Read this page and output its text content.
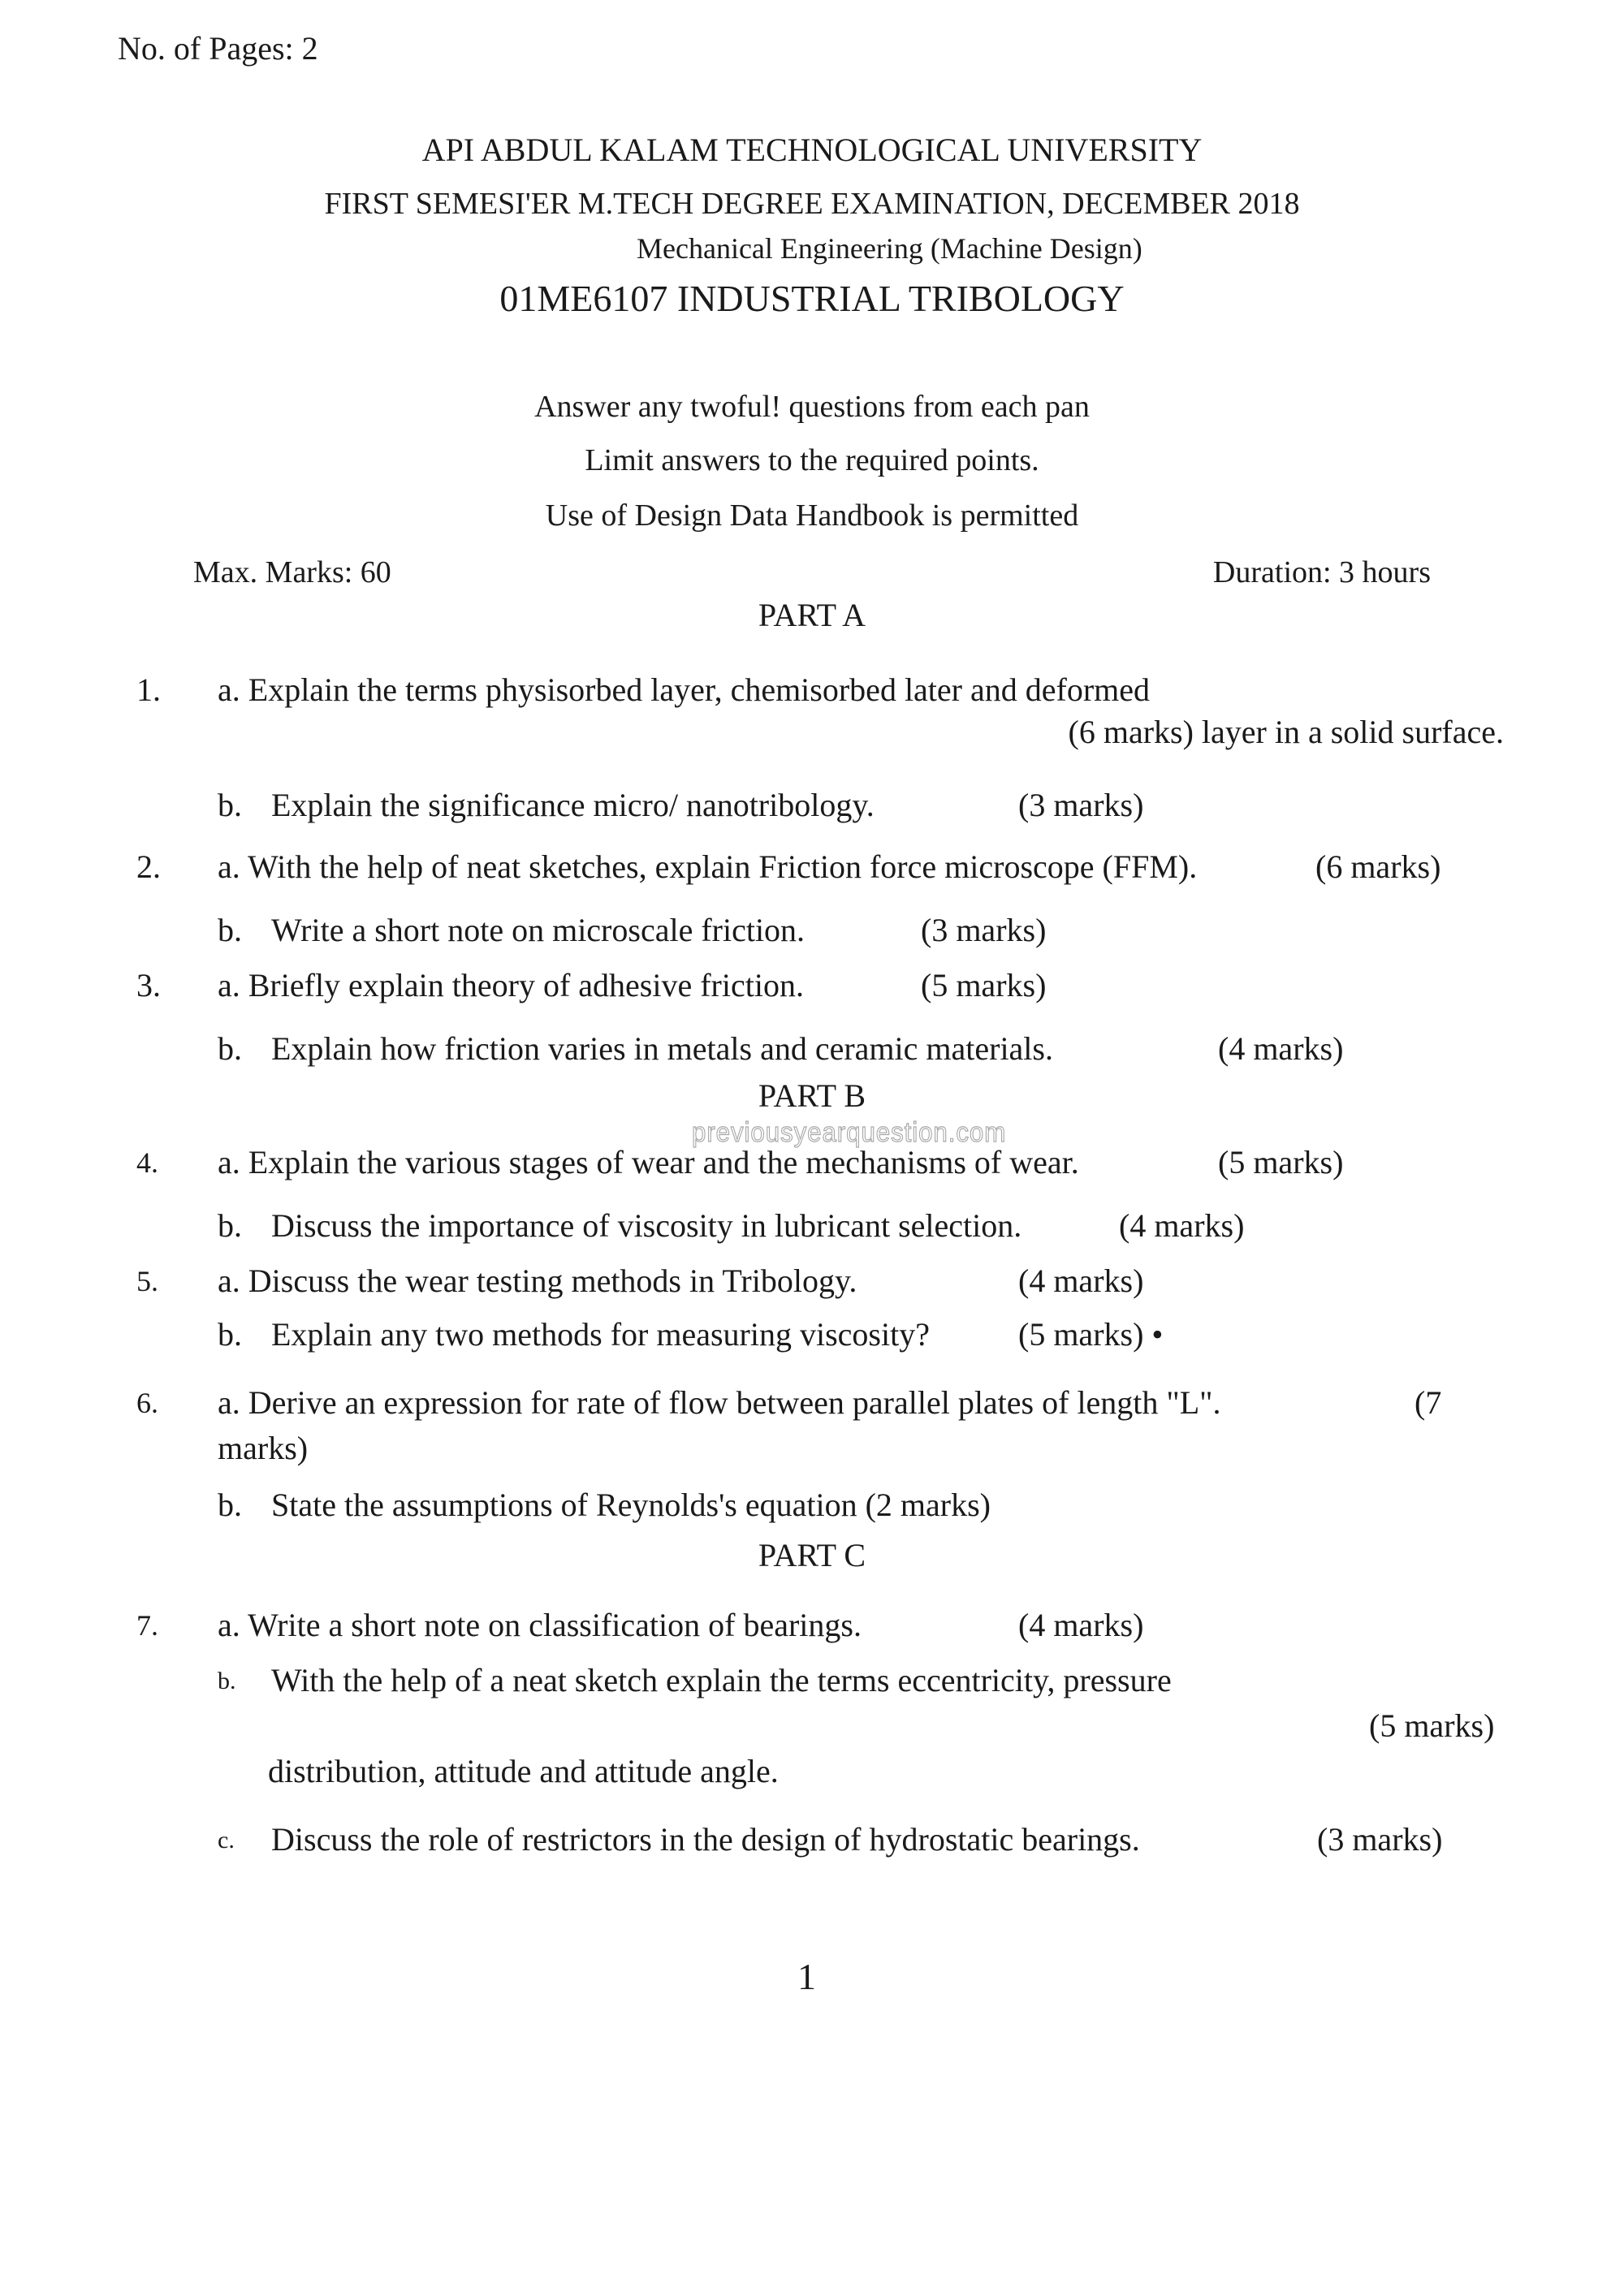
No. of Pages: 2
API ABDUL KALAM TECHNOLOGICAL UNIVERSITY
FIRST SEMESI'ER M.TECH DEGREE EXAMINATION, DECEMBER 2018
Mechanical Engineering (Machine Design)
01ME6107 INDUSTRIAL TRIBOLOGY
Answer any twoful! questions from each pan
Limit answers to the required points.
Use of Design Data Handbook is permitted
Max. Marks: 60	Duration: 3 hours
PART A
1. a. Explain the terms physisorbed layer, chemisorbed later and deformed
(6 marks) layer in a solid surface.
b. Explain the significance micro/ nanotribology.	(3 marks)
2. a. With the help of neat sketches, explain Friction force microscope (FFM).	(6 marks)
b. Write a short note on microscale friction.	(3 marks)
3. a. Briefly explain theory of adhesive friction.	(5 marks)
b. Explain how friction varies in metals and ceramic materials.	(4 marks)
PART B
previousyearquestion.com
4. a. Explain the various stages of wear and the mechanisms of wear.	(5 marks)
b. Discuss the importance of viscosity in lubricant selection.	(4 marks)
5. a. Discuss the wear testing methods in Tribology.	(4 marks)
b. Explain any two methods for measuring viscosity?	(5 marks) •
6. a. Derive an expression for rate of flow between parallel plates of length "L".	(7
marks)
b. State the assumptions of Reynolds's equation (2 marks)
PART C
7. a. Write a short note on classification of bearings.	(4 marks)
b. With the help of a neat sketch explain the terms eccentricity, pressure
(5 marks)
distribution, attitude and attitude angle.
c. Discuss the role of restrictors in the design of hydrostatic bearings.	(3 marks)
1
